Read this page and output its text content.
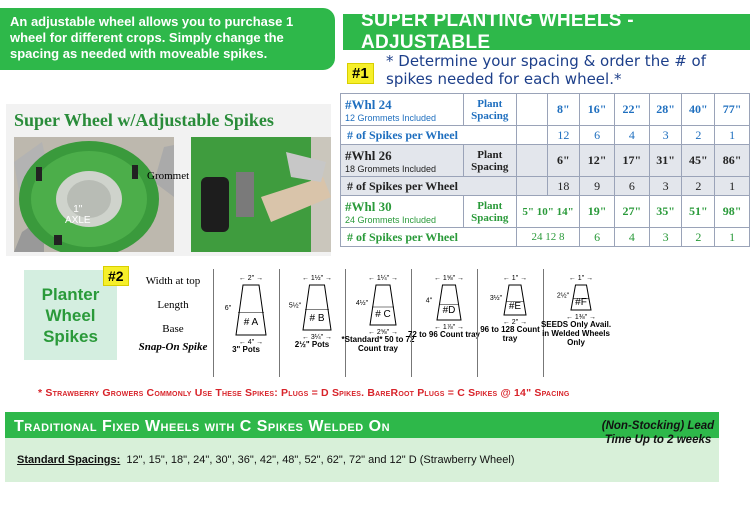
An adjustable wheel allows you to purchase 1 wheel for different crops. Simply change the spacing as needed with moveable spikes.
SUPER PLANTING WHEELS - ADJUSTABLE
#1
* Determine your spacing & order the # of spikes needed for each wheel.*
Super Wheel w/Adjustable Spikes
Grommet
1"
AXLE
#Whl 24
12 Grommets Included	Plant Spacing		8"	16"	22"	28"	40"	77"
# of Spikes per Wheel			12	6	4	3	2	1
#Whl 26
18 Grommets Included	Plant Spacing		6"	12"	17"	31"	45"	86"
# of Spikes per Wheel			18	9	6	3	2	1
#Whl 30
24 Grommets Included	Plant Spacing	5" 10" 14"		19"	27"	35"	51"	98"
# of Spikes per Wheel		24 12 8		6	4	3	2	1
Planter Wheel Spikes
#2	Width at top
Length
Base
Snap-On Spike
← 2" →
# A
6"
← 4" →
3" Pots
← 1½" →
# B
5½"
← 3¼" →
2½" Pots
← 1¼" →
# C
4½"
← 2⅝" →
*Standard* 50 to 72 Count tray
← 1⅝" →
#D
4"
← 1⅞" →
72 to 96 Count tray
← 1" →
#E
3½"
← 2" →
96 to 128 Count tray
← 1" →
#F
2½"
← 1⅜" →
SEEDS Only Avail. in Welded Wheels Only
* Strawberry Growers Commonly Use These Spikes: Plugs = D Spikes. BareRoot Plugs = C Spikes @ 14" Spacing
Traditional Fixed Wheels with C Spikes Welded On
Standard Spacings: 12", 15", 18", 24", 30", 36", 42", 48", 52", 62", 72" and 12" D (Strawberry Wheel)
(Non-Stocking) Lead Time Up to 2 weeks
